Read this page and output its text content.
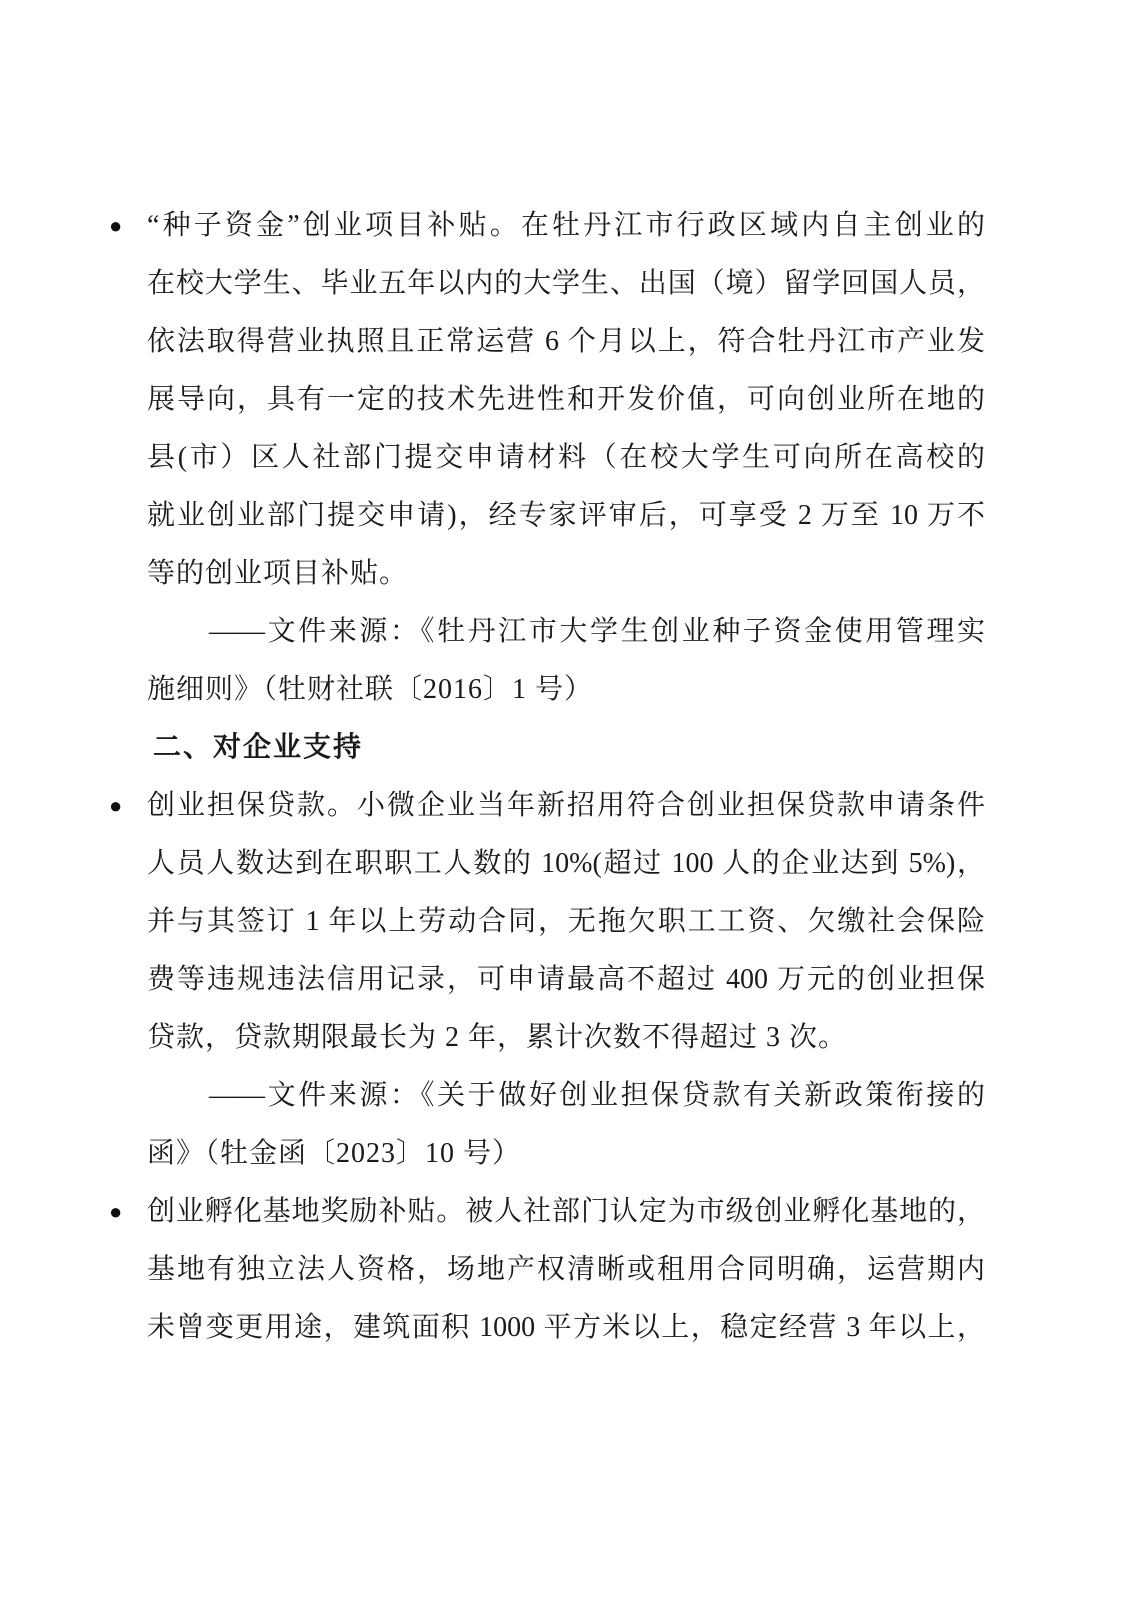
● “种子资金”创业项目补贴。在牡丹江市行政区域内自主创业的
在校大学生、毕业五年以内的大学生、出国（境）留学回国人员，
依法取得营业执照且正常运营 6 个月以上，符合牡丹江市产业发
展导向，具有一定的技术先进性和开发价值，可向创业所在地的
县(市）区人社部门提交申请材料（在校大学生可向所在高校的
就业创业部门提交申请)，经专家评审后，可享受 2 万至 10 万不
等的创业项目补贴。
——文件来源：《牡丹江市大学生创业种子资金使用管理实
施细则》（牡财社联〔2016〕1 号）
二、对企业支持
● 创业担保贷款。小微企业当年新招用符合创业担保贷款申请条件
人员人数达到在职职工人数的 10%(超过 100 人的企业达到 5%)，
并与其签订 1 年以上劳动合同，无拖欠职工工资、欠缴社会保险
费等违规违法信用记录，可申请最高不超过 400 万元的创业担保
贷款，贷款期限最长为 2 年，累计次数不得超过 3 次。
——文件来源：《关于做好创业担保贷款有关新政策衔接的
函》（牡金函〔2023〕10 号）
● 创业孵化基地奖励补贴。被人社部门认定为市级创业孵化基地的，
基地有独立法人资格，场地产权清晰或租用合同明确，运营期内
未曾变更用途，建筑面积 1000 平方米以上，稳定经营 3 年以上，
